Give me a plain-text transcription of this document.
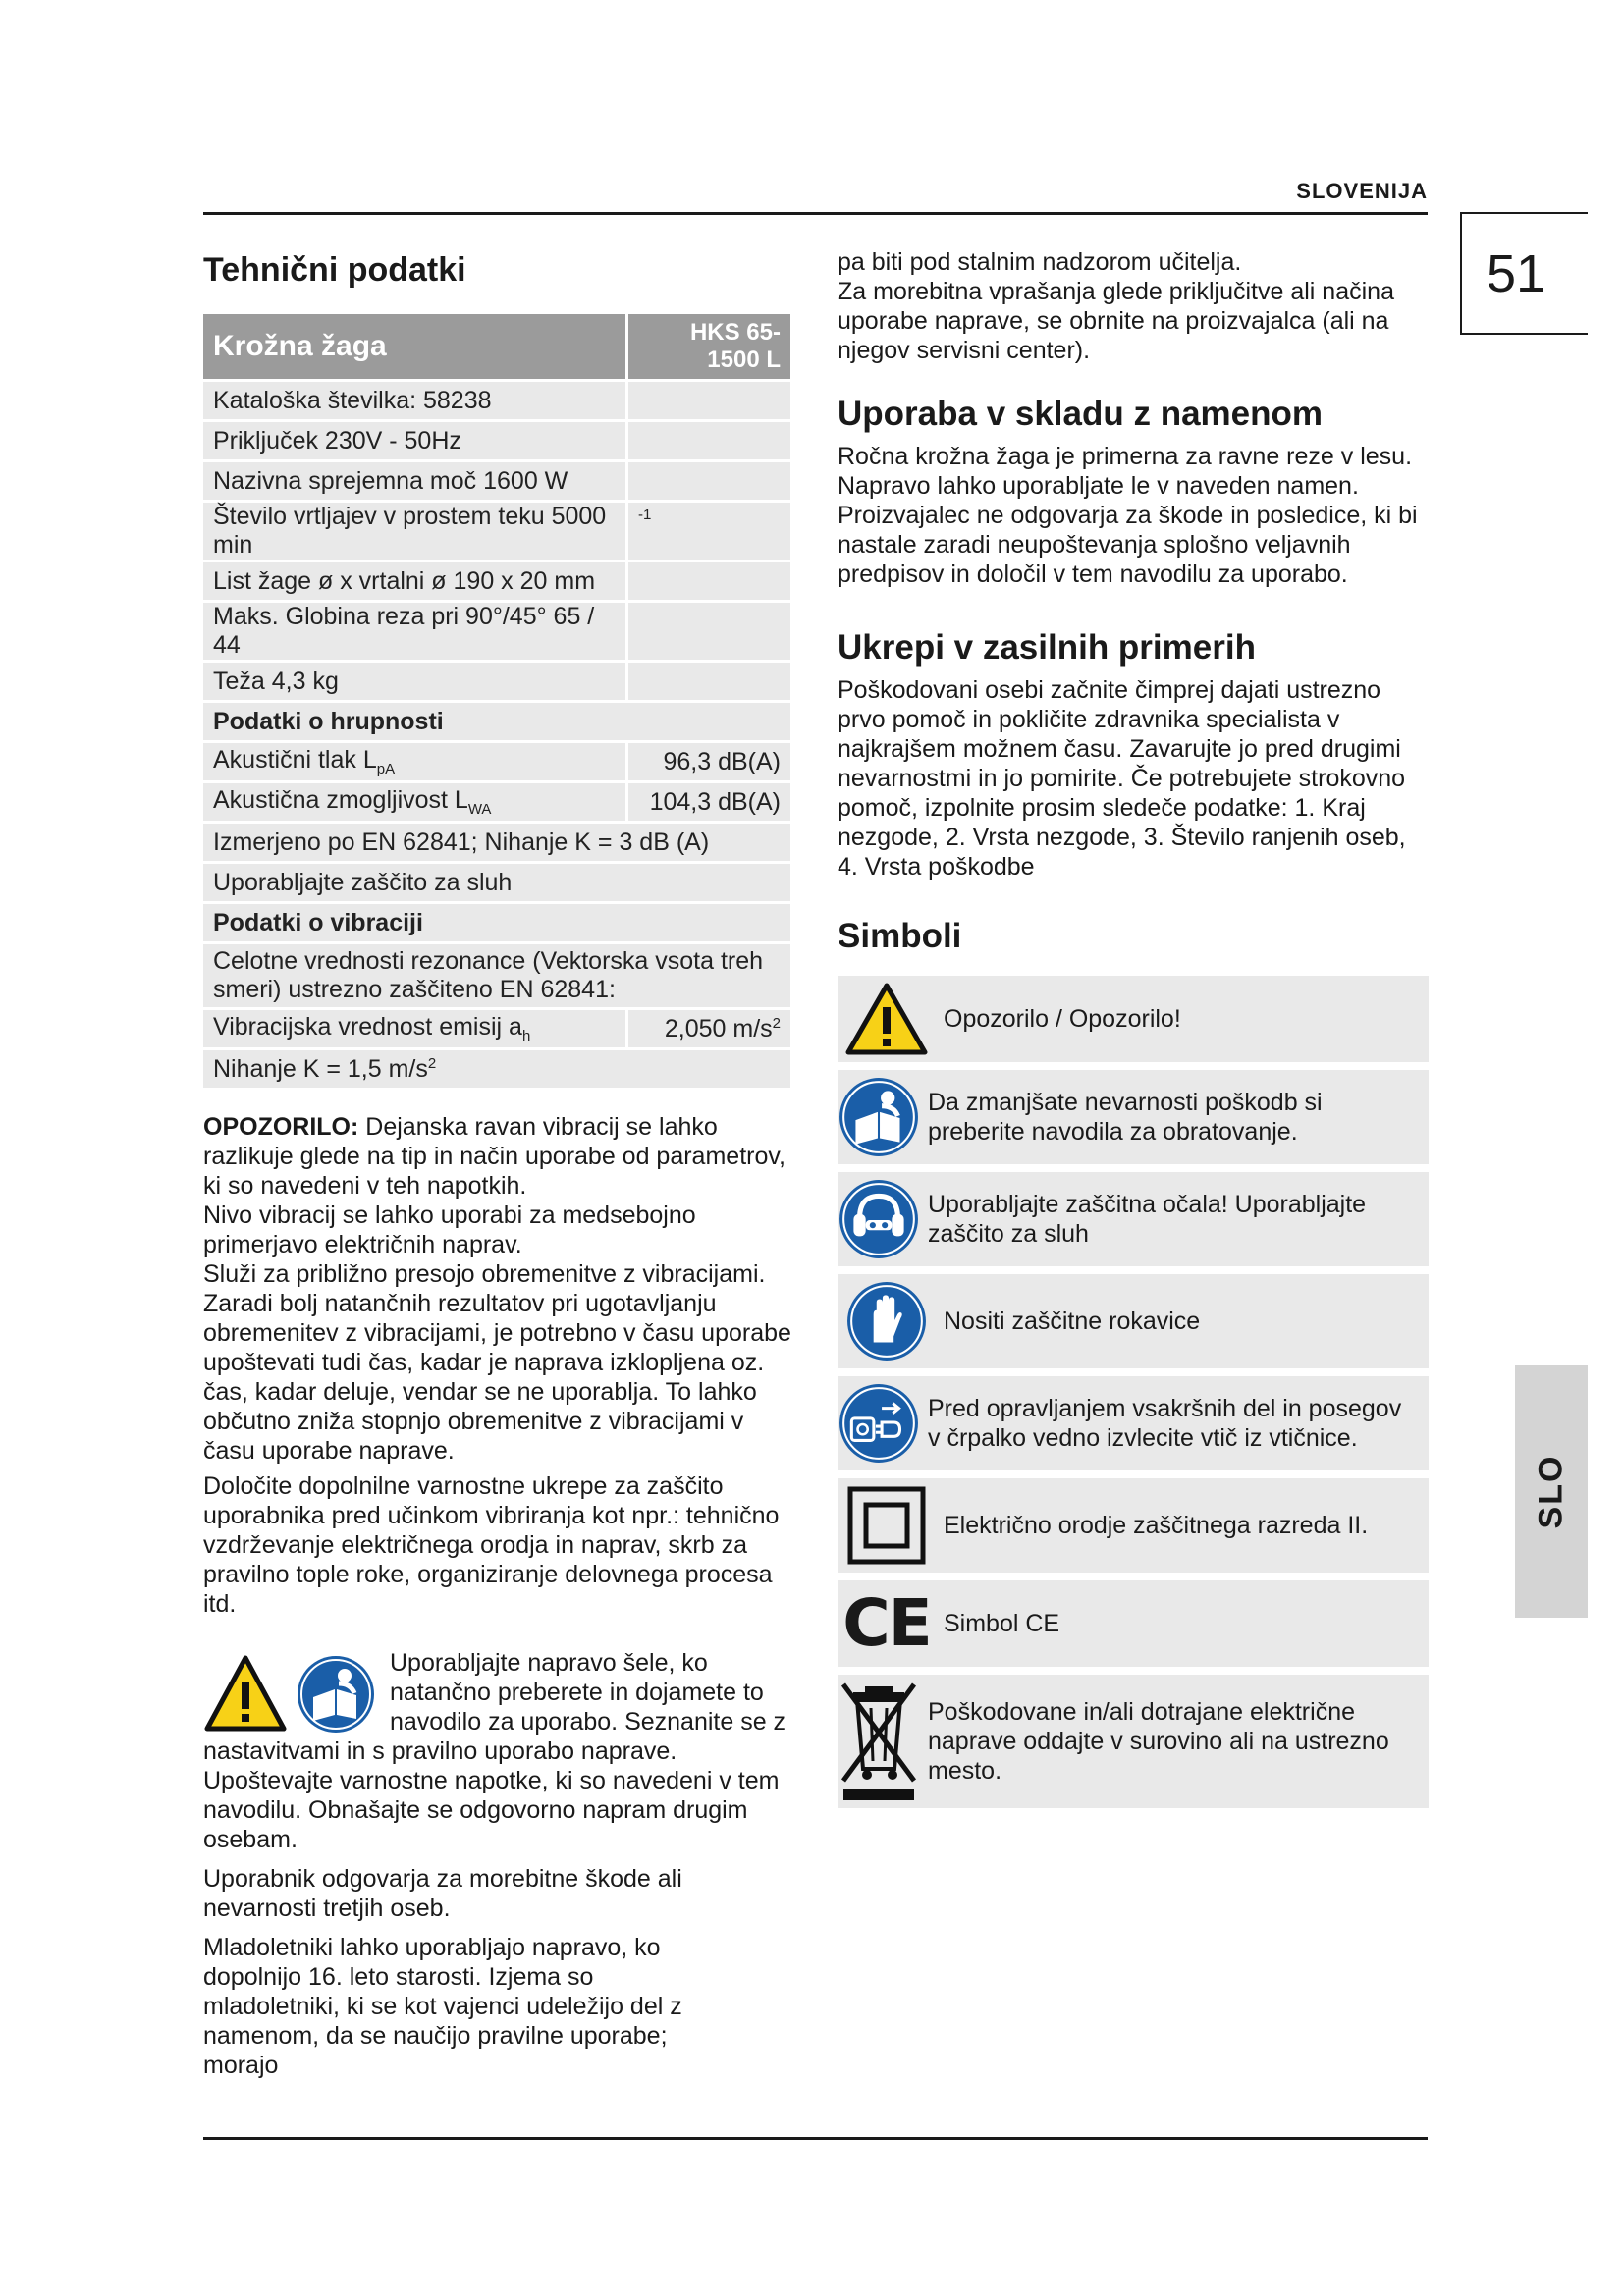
SLOVENIJA
51
SLO
Tehnični podatki
Krožna žaga	HKS 65-1500 L
Kataloška številka: 58238	
Priključek 230V - 50Hz	
Nazivna sprejemna moč 1600 W	
Število vrtljajev v prostem teku 5000 min	-1
List žage ø x vrtalni ø 190 x 20 mm	
Maks. Globina reza pri 90°/45° 65 / 44	
Teža 4,3 kg	
Podatki o hrupnosti	
Akustični tlak $L_{pA}$	96,3 dB(A)
Akustična zmogljivost $L_{WA}$	104,3 dB(A)
Izmerjeno po EN 62841; Nihanje K = 3 dB (A)	
Uporabljajte zaščito za sluh	
Podatki o vibraciji	
Celotne vrednosti rezonance (Vektorska vsota treh smeri) ustrezno zaščiteno EN 62841:	
Vibracijska vrednost emisij $a_h$	2,050 $m/s^2$
Nihanje K = 1,5 $m/s^2$

OPOZORILO: Dejanska ravan vibracij se lahko razlikuje glede na tip in način uporabe od parametrov, ki so navedeni v teh napotkih.

Nivo vibracij se lahko uporabi za medsebojno primerjavo električnih naprav.

Služi za približno presojo obremenitve z vibracijami.

Zaradi bolj natančnih rezultatov pri ugotavljanju obremenitev z vibracijami, je potrebno v času uporabe upoštevati tudi čas, kadar je naprava izklopljena oz. čas, kadar deluje, vendar se ne uporablja. To lahko občutno zniža stopnjo obremenitve z vibracijami v času uporabe naprave.

Določite dopolnilne varnostne ukrepe za zaščito uporabnika pred učinkom vibriranja kot npr.: tehnično vzdrževanje električnega orodja in naprav, skrb za pravilno tople roke, organiziranje delovnega procesa itd.

Uporabljajte napravo šele, ko natančno preberete in dojamete to navodilo za uporabo. Seznanite se z nastavitvami in s pravilno uporabo naprave. Upoštevajte varnostne napotke, ki so navedeni v tem navodilu. Obnašajte se odgovorno napram drugim osebam.

Uporabnik odgovarja za morebitne škode ali nevarnosti tretjih oseb.

Mladoletniki lahko uporabljajo napravo, ko dopolnijo 16. leto starosti. Izjema so mladoletniki, ki se kot vajenci udeležijo del z namenom, da se naučijo pravilne uporabe; morajo

pa biti pod stalnim nadzorom učitelja.

Za morebitna vprašanja glede priključitve ali načina uporabe naprave, se obrnite na proizvajalca (ali na njegov servisni center).

Uporaba v skladu z namenom

Ročna krožna žaga je primerna za ravne reze v lesu. Napravo lahko uporabljate le v naveden namen. Proizvajalec ne odgovarja za škode in posledice, ki bi nastale zaradi neupoštevanja splošno veljavnih predpisov in določil v tem navodilu za uporabo.

Ukrepi v zasilnih primerih

Poškodovani osebi začnite čimprej dajati ustrezno prvo pomoč in pokličite zdravnika specialista v najkrajšem možnem času. Zavarujte jo pred drugimi nevarnostmi in jo pomirite. Če potrebujete strokovno pomoč, izpolnite prosim sledeče podatke: 1. Kraj nezgode, 2. Vrsta nezgode, 3. Število ranjenih oseb, 4. Vrsta poškodbe

Simboli
Opozorilo / Opozorilo!
Da zmanjšate nevarnosti poškodb si preberite navodila za obratovanje.
Uporabljajte zaščitna očala! Uporabljajte zaščito za sluh
Nositi zaščitne rokavice
Pred opravljanjem vsakršnih del in posegov v črpalko vedno izvlecite vtič iz vtičnice.
Električno orodje zaščitnega razreda II.
CE Simbol CE
Poškodovane in/ali dotrajane električne naprave oddajte v surovino ali na ustrezno mesto.
